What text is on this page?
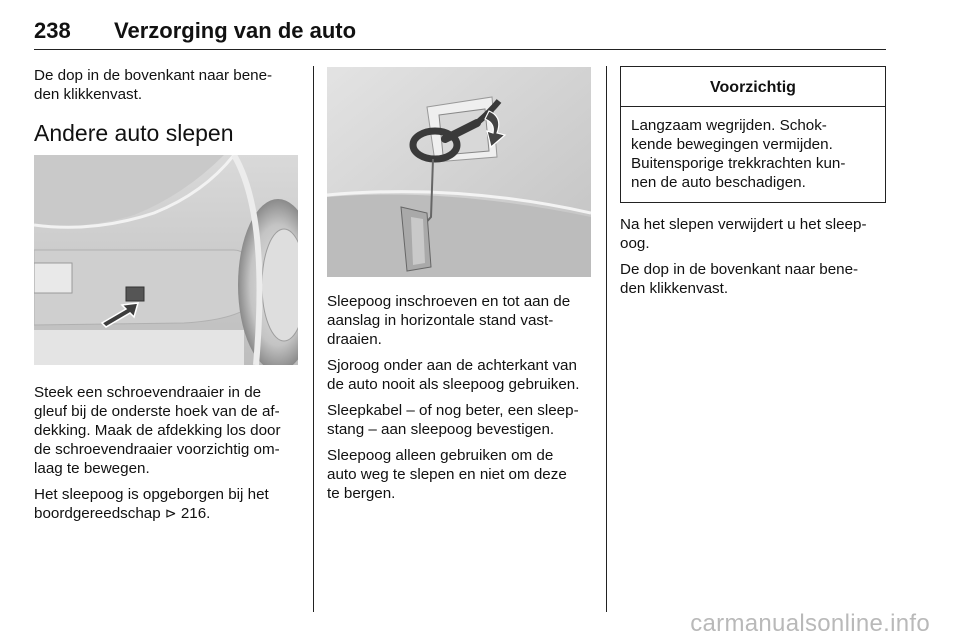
238 Verzorging van de auto

De dop in de bovenkant naar bene-
den klikkenvast.

Andere auto slepen

Steek een schroevendraaier in de
gleuf bij de onderste hoek van de af-
dekking. Maak de afdekking los door
de schroevendraaier voorzichtig om-
laag te bewegen.

Het sleepoog is opgeborgen bij het
boordgereedschap ⊳ 216.

Sleepoog inschroeven en tot aan de
aanslag in horizontale stand vast-
draaien.

Sjoroog onder aan de achterkant van
de auto nooit als sleepoog gebruiken.

Sleepkabel – of nog beter, een sleep-
stang – aan sleepoog bevestigen.

Sleepoog alleen gebruiken om de
auto weg te slepen en niet om deze
te bergen.

Voorzichtig
Langzaam wegrijden. Schok-
kende bewegingen vermijden.
Buitensporige trekkrachten kun-
nen de auto beschadigen.

Na het slepen verwijdert u het sleep-
oog.

De dop in de bovenkant naar bene-
den klikkenvast.

carmanualsonline.info
